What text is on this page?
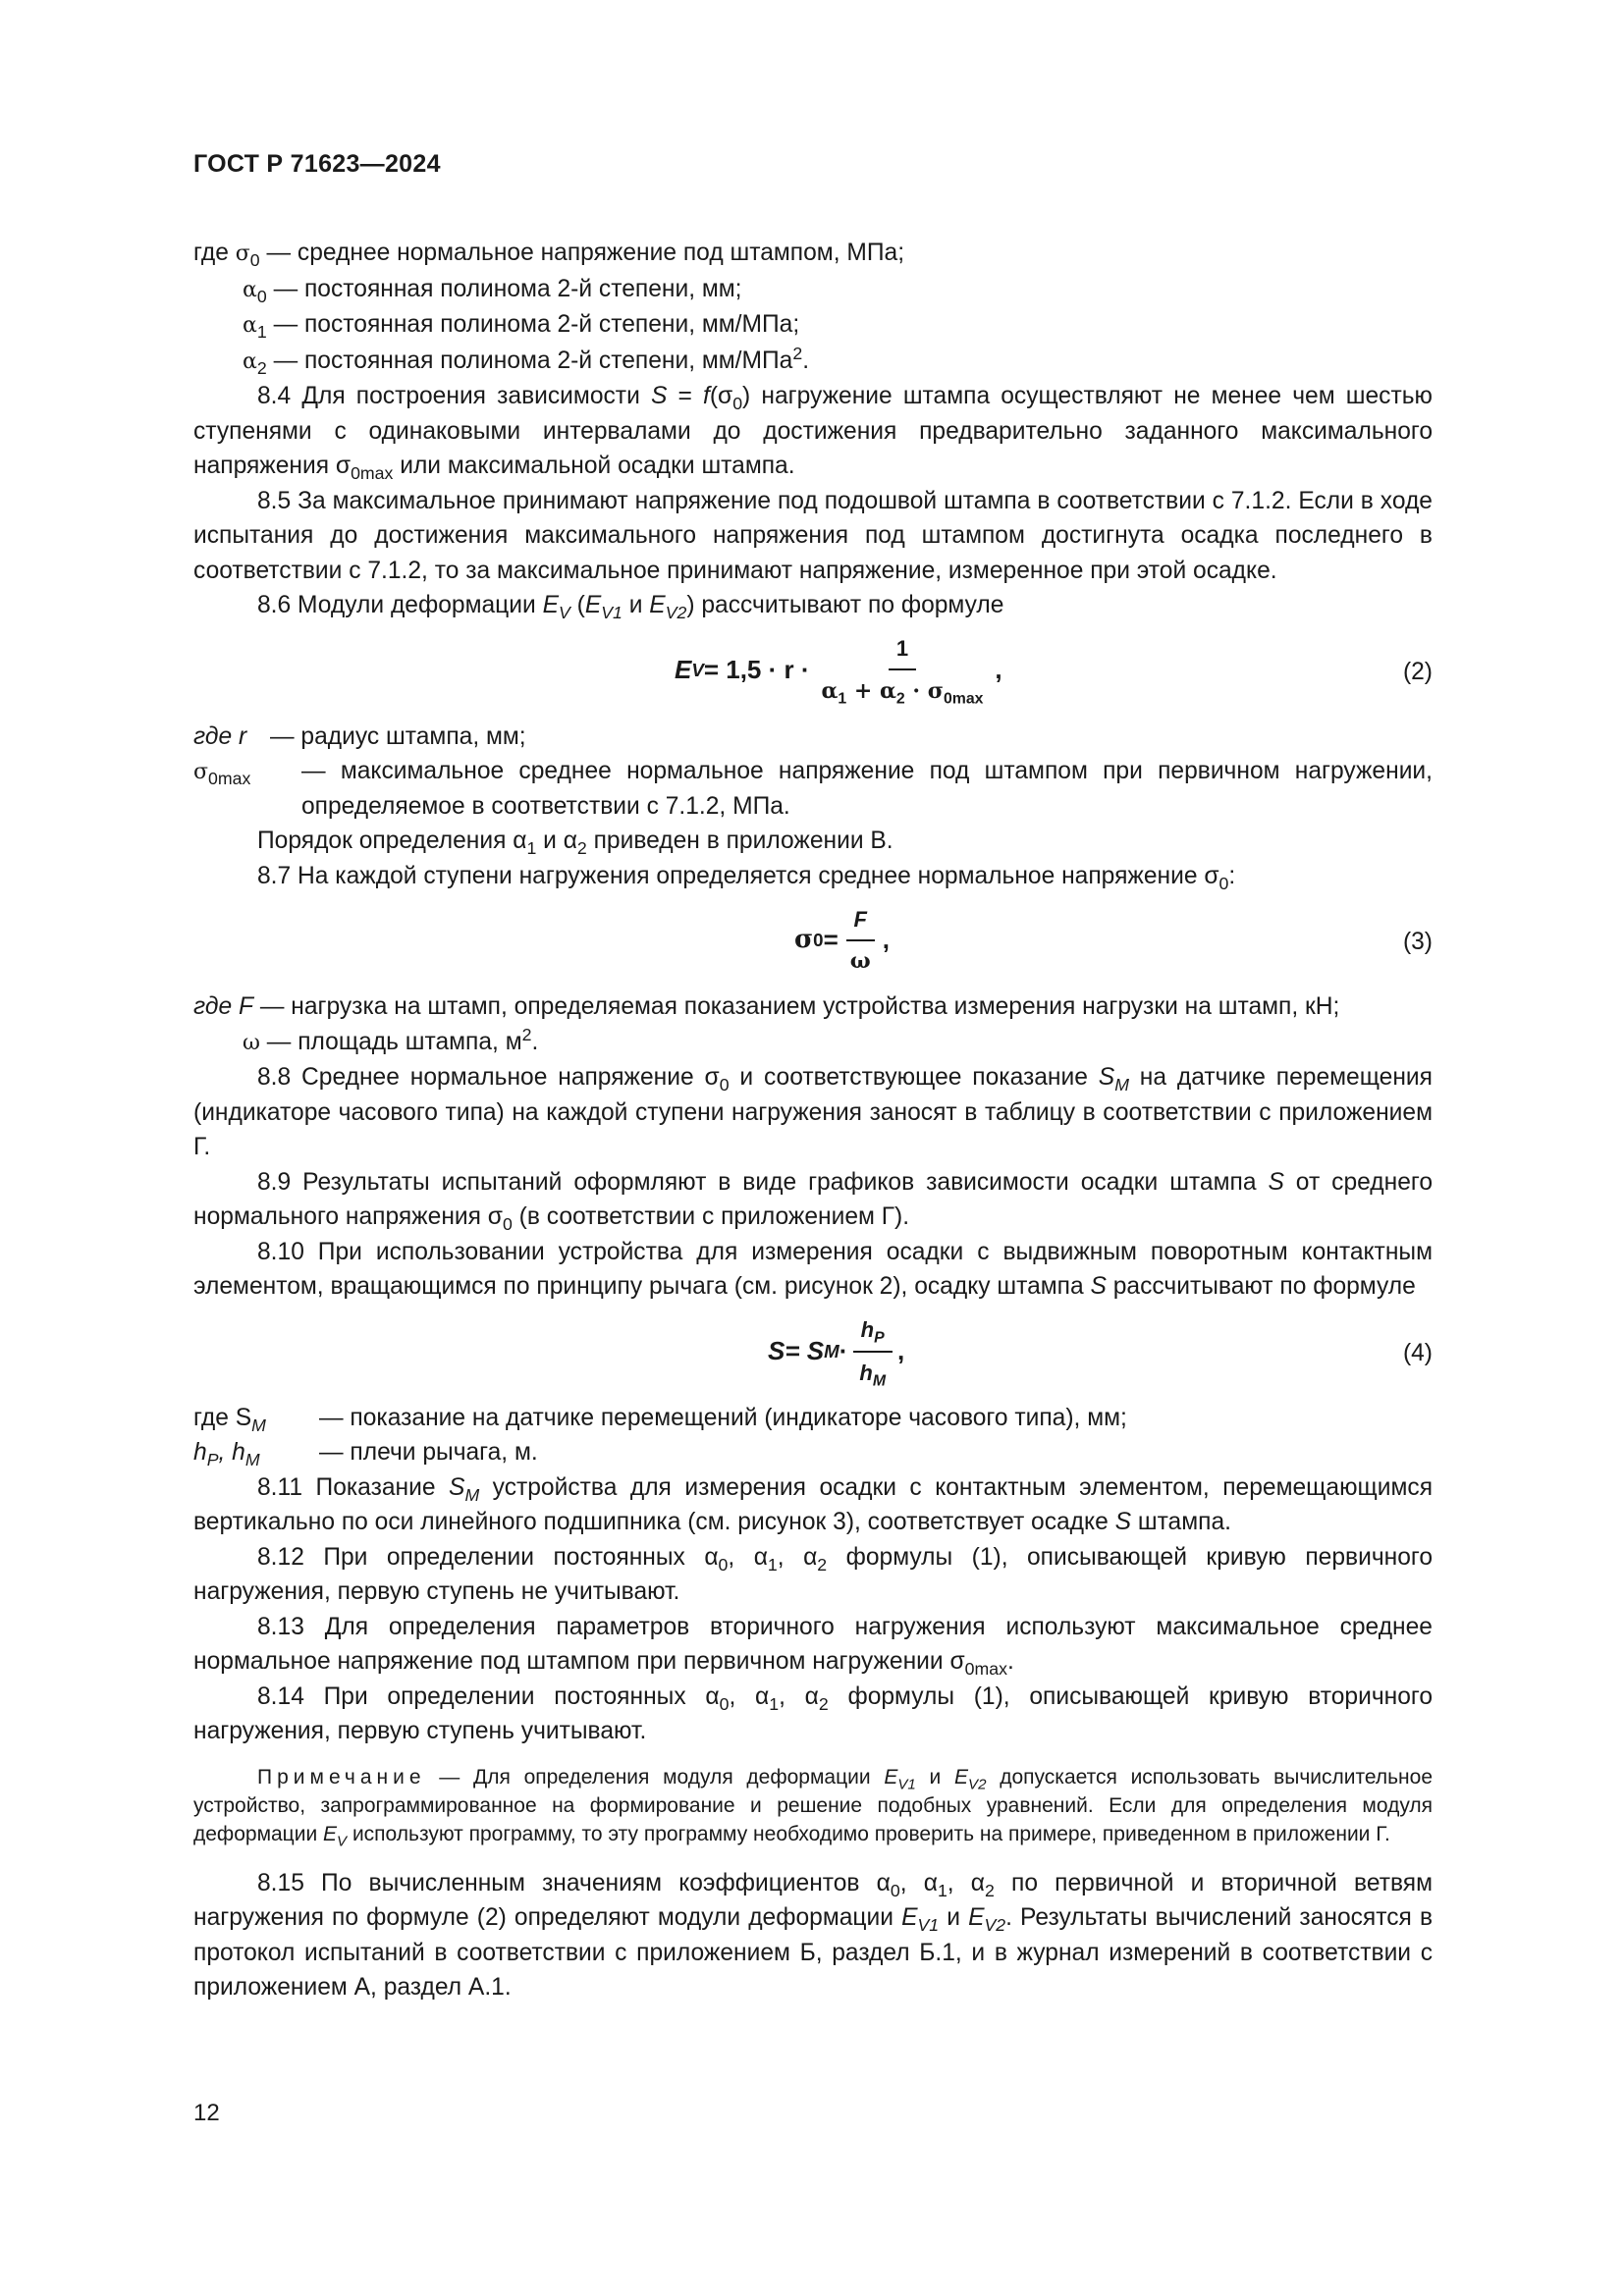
ГОСТ Р 71623—2024

где $\sigma_0$ — среднее нормальное напряжение под штампом, МПа;

$\alpha_0$ — постоянная полинома 2-й степени, мм;

$\alpha_1$ — постоянная полинома 2-й степени, мм/МПа;

$\alpha_2$ — постоянная полинома 2-й степени, мм/МПа$^2$.

8.4 Для построения зависимости $S = f(\sigma_0)$ нагружение штампа осуществляют не менее чем шестью ступенями с одинаковыми интервалами до достижения предварительно заданного максимального напряжения $\sigma_{0max}$ или максимальной осадки штампа.

8.5 За максимальное принимают напряжение под подошвой штампа в соответствии с 7.1.2. Если в ходе испытания до достижения максимального напряжения под штампом достигнута осадка последнего в соответствии с 7.1.2, то за максимальное принимают напряжение, измеренное при этой осадке.

8.6 Модули деформации $E_V$ ($E_{V1}$ и $E_{V2}$) рассчитывают по формуле

E $V = 1,5 \cdot r \cdot \frac{1}{\alpha_1 + \alpha_2 \cdot \sigma_{0max}}$ ,	(2)
где r — радиус штампа, мм;
$\sigma_{0max}$	— максимальное среднее нормальное напряжение под штампом при первичном нагружении, определяемое в соответствии с 7.1.2, МПа.

Порядок определения $\alpha_1$ и $\alpha_2$ приведен в приложении В.

8.7 На каждой ступени нагружения определяется среднее нормальное напряжение $\sigma_0$:

σ $0 = \frac{F}{\omega}$ ,	(3)

где F — нагрузка на штамп, определяемая показанием устройства измерения нагрузки на штамп, кН;

ω — площадь штампа, $м^2$.

8.8 Среднее нормальное напряжение $\sigma_0$ и соответствующее показание $S_M$ на датчике перемещения (индикаторе часового типа) на каждой ступени нагружения заносят в таблицу в соответствии с приложением Г.

8.9 Результаты испытаний оформляют в виде графиков зависимости осадки штампа S от среднего нормального напряжения $\sigma_0$ (в соответствии с приложением Г).

8.10 При использовании устройства для измерения осадки с выдвижным поворотным контактным элементом, вращающимся по принципу рычага (см. рисунок 2), осадку штампа S рассчитывают по формуле

S = S $M \cdot \frac{h_P}{h_M}$ ,	(4)
где $S_M$	— показание на датчике перемещений (индикаторе часового типа), мм;
$h_P$, $h_M$	— плечи рычага, м.

8.11 Показание $S_M$ устройства для измерения осадки с контактным элементом, перемещающимся вертикально по оси линейного подшипника (см. рисунок 3), соответствует осадке S штампа.

8.12 При определении постоянных $\alpha_0$, $\alpha_1$, $\alpha_2$ формулы (1), описывающей кривую первичного нагружения, первую ступень не учитывают.

8.13 Для определения параметров вторичного нагружения используют максимальное среднее нормальное напряжение под штампом при первичном нагружении $\sigma_{0max}$.

8.14 При определении постоянных $\alpha_0$, $\alpha_1$, $\alpha_2$ формулы (1), описывающей кривую вторичного нагружения, первую ступень учитывают.

Примечание — Для определения модуля деформации $E_{V1}$ и $E_{V2}$ допускается использовать вычислительное устройство, запрограммированное на формирование и решение подобных уравнений. Если для определения модуля деформации $E_V$ используют программу, то эту программу необходимо проверить на примере, приведенном в приложении Г.

8.15 По вычисленным значениям коэффициентов $\alpha_0$, $\alpha_1$, $\alpha_2$ по первичной и вторичной ветвям нагружения по формуле (2) определяют модули деформации $E_{V1}$ и $E_{V2}$. Результаты вычислений заносятся в протокол испытаний в соответствии с приложением Б, раздел Б.1, и в журнал измерений в соответствии с приложением А, раздел А.1.

12
